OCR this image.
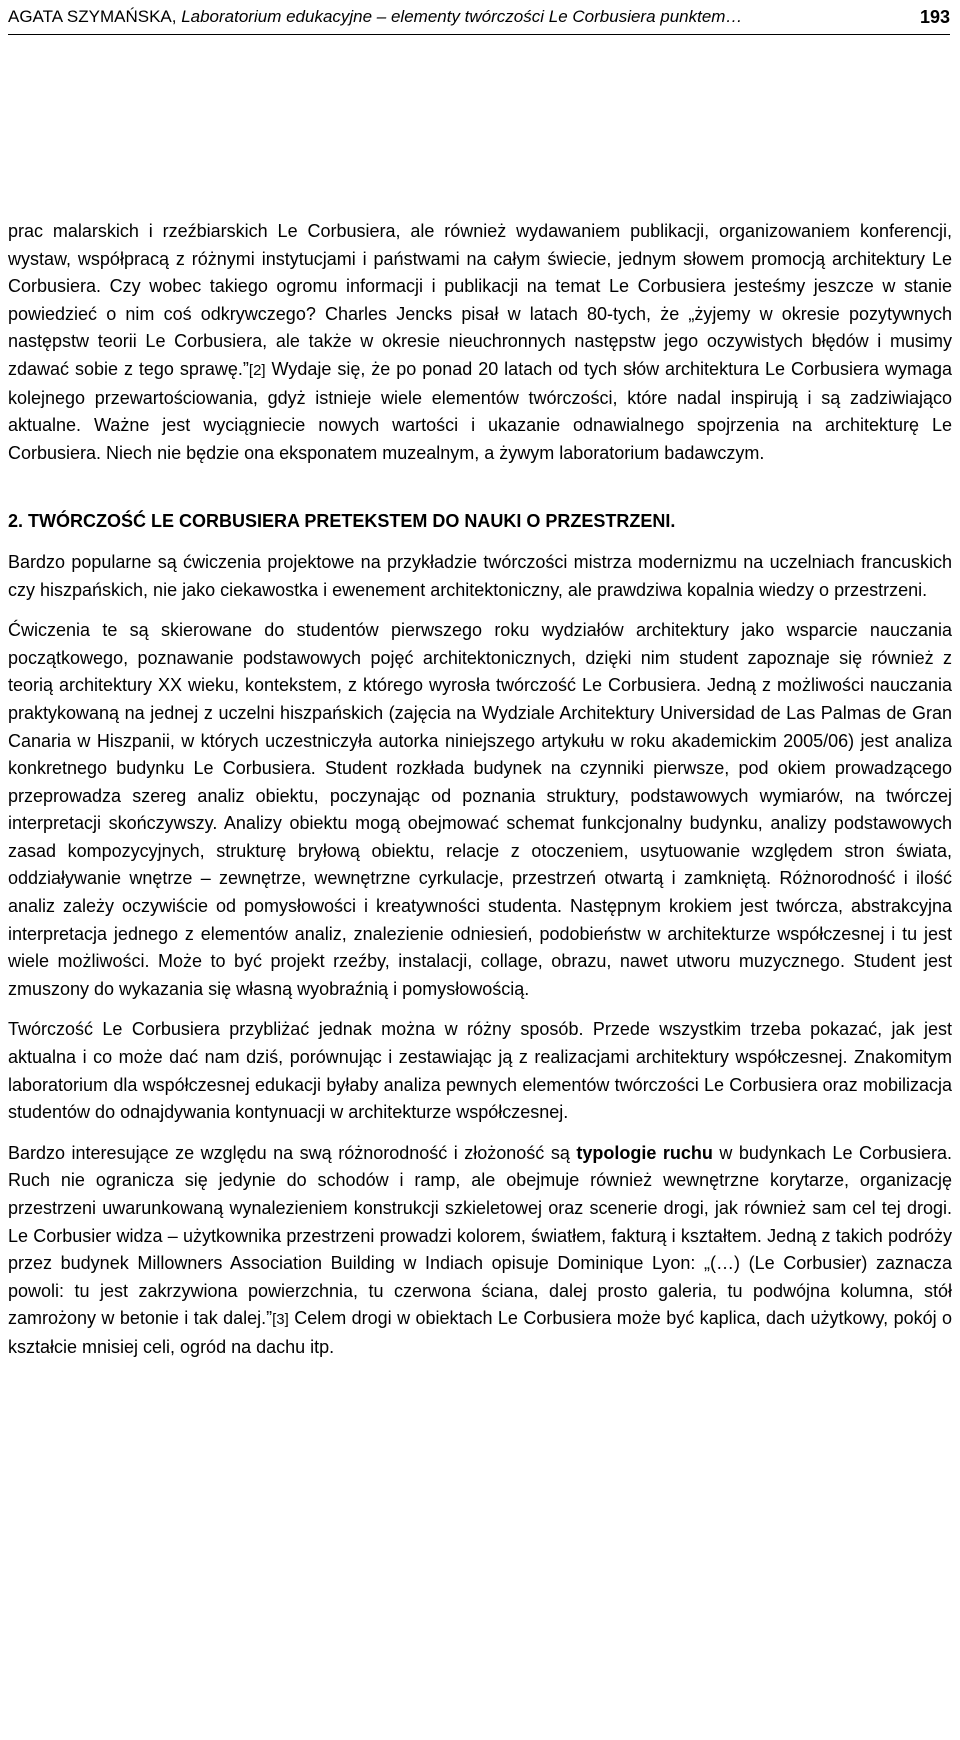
AGATA SZYMAŃSKA, Laboratorium edukacyjne – elementy twórczości Le Corbusiera punktem…	193

prac malarskich i rzeźbiarskich Le Corbusiera, ale również wydawaniem publikacji, organizowaniem konferencji, wystaw, współpracą z różnymi instytucjami i państwami na całym świecie, jednym słowem promocją architektury Le Corbusiera. Czy wobec takiego ogromu informacji i publikacji na temat Le Corbusiera jesteśmy jeszcze w stanie powiedzieć o nim coś odkrywczego? Charles Jencks pisał w latach 80-tych, że „żyjemy w okresie pozytywnych następstw teorii Le Corbusiera, ale także w okresie nieuchronnych następstw jego oczywistych błędów i musimy zdawać sobie z tego sprawę.”[2] Wydaje się, że po ponad 20 latach od tych słów architektura Le Corbusiera wymaga kolejnego przewartościowania, gdyż istnieje wiele elementów twórczości, które nadal inspirują i są zadziwiająco aktualne. Ważne jest wyciągniecie nowych wartości i ukazanie odnawialnego spojrzenia na architekturę Le Corbusiera. Niech nie będzie ona eksponatem muzealnym, a żywym laboratorium badawczym.

2. TWÓRCZOŚĆ LE CORBUSIERA PRETEKSTEM DO NAUKI O PRZESTRZENI.

Bardzo popularne są ćwiczenia projektowe na przykładzie twórczości mistrza modernizmu na uczelniach francuskich czy hiszpańskich, nie jako ciekawostka i ewenement architektoniczny, ale prawdziwa kopalnia wiedzy o przestrzeni.

Ćwiczenia te są skierowane do studentów pierwszego roku wydziałów architektury jako wsparcie nauczania początkowego, poznawanie podstawowych pojęć architektonicznych, dzięki nim student zapoznaje się również z teorią architektury XX wieku, kontekstem, z którego wyrosła twórczość Le Corbusiera. Jedną z możliwości nauczania praktykowaną na jednej z uczelni hiszpańskich (zajęcia na Wydziale Architektury Universidad de Las Palmas de Gran Canaria w Hiszpanii, w których uczestniczyła autorka niniejszego artykułu w roku akademickim 2005/06) jest analiza konkretnego budynku Le Corbusiera. Student rozkłada budynek na czynniki pierwsze, pod okiem prowadzącego przeprowadza szereg analiz obiektu, poczynając od poznania struktury, podstawowych wymiarów, na twórczej interpretacji skończywszy. Analizy obiektu mogą obejmować schemat funkcjonalny budynku, analizy podstawowych zasad kompozycyjnych, strukturę bryłową obiektu, relacje z otoczeniem, usytuowanie względem stron świata, oddziaływanie wnętrze – zewnętrze, wewnętrzne cyrkulacje, przestrzeń otwartą i zamkniętą. Różnorodność i ilość analiz zależy oczywiście od pomysłowości i kreatywności studenta. Następnym krokiem jest twórcza, abstrakcyjna interpretacja jednego z elementów analiz, znalezienie odniesień, podobieństw w architekturze współczesnej i tu jest wiele możliwości. Może to być projekt rzeźby, instalacji, collage, obrazu, nawet utworu muzycznego. Student jest zmuszony do wykazania się własną wyobraźnią i pomysłowością.

Twórczość Le Corbusiera przybliżać jednak można w różny sposób. Przede wszystkim trzeba pokazać, jak jest aktualna i co może dać nam dziś, porównując i zestawiając ją z realizacjami architektury współczesnej. Znakomitym laboratorium dla współczesnej edukacji byłaby analiza pewnych elementów twórczości Le Corbusiera oraz mobilizacja studentów do odnajdywania kontynuacji w architekturze współczesnej.

Bardzo interesujące ze względu na swą różnorodność i złożoność są typologie ruchu w budynkach Le Corbusiera. Ruch nie ogranicza się jedynie do schodów i ramp, ale obejmuje również wewnętrzne korytarze, organizację przestrzeni uwarunkowaną wynalezieniem konstrukcji szkieletowej oraz scenerie drogi, jak również sam cel tej drogi. Le Corbusier widza – użytkownika przestrzeni prowadzi kolorem, światłem, fakturą i kształtem. Jedną z takich podróży przez budynek Millowners Association Building w Indiach opisuje Dominique Lyon: „(…) (Le Corbusier) zaznacza powoli: tu jest zakrzywiona powierzchnia, tu czerwona ściana, dalej prosto galeria, tu podwójna kolumna, stół zamrożony w betonie i tak dalej.”[3] Celem drogi w obiektach Le Corbusiera może być kaplica, dach użytkowy, pokój o kształcie mnisiej celi, ogród na dachu itp.
